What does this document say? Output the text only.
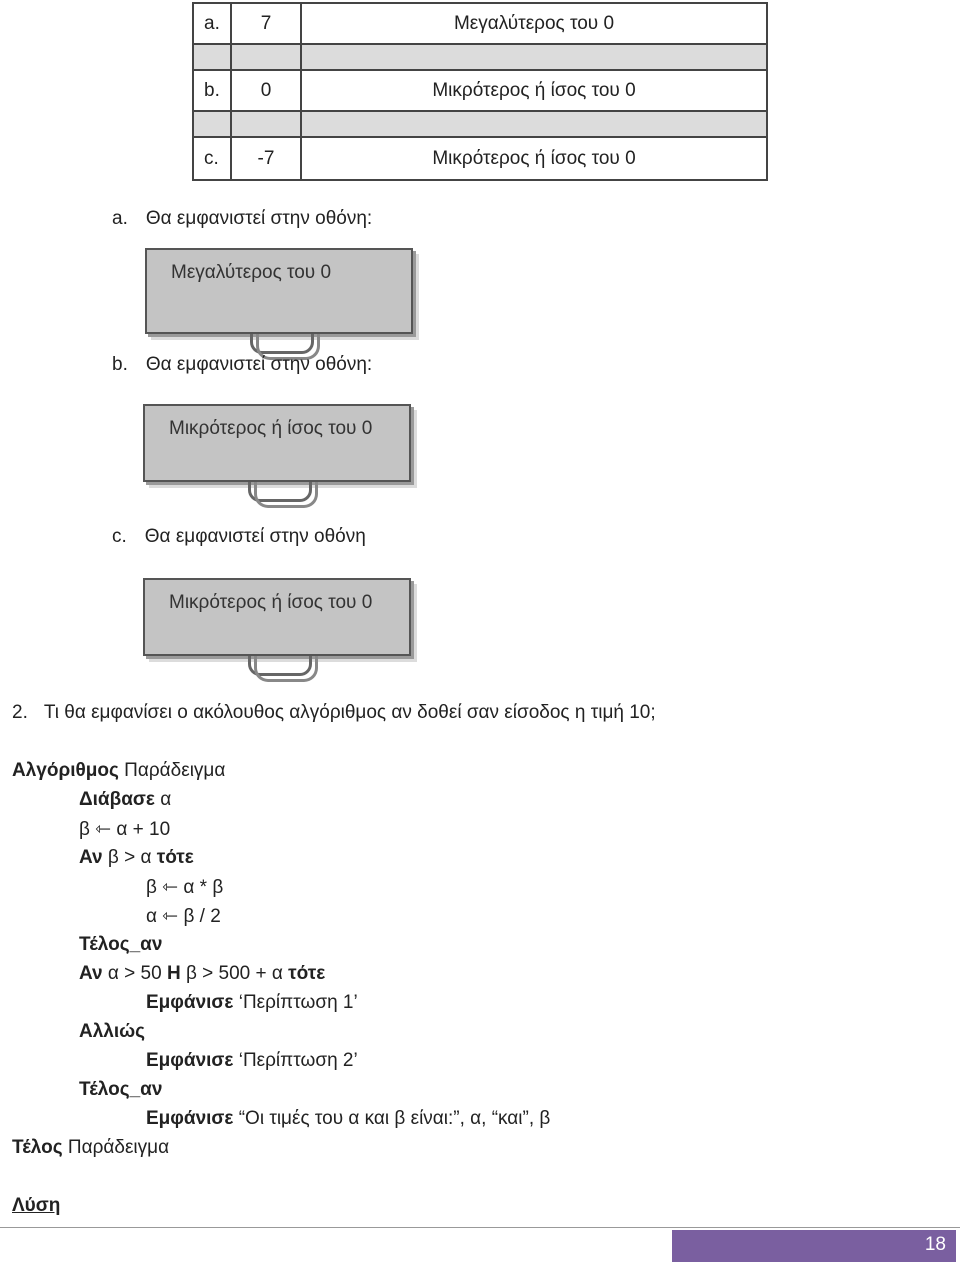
a.	7	Μεγαλύτερος του 0
b.	0	Μικρότερος ή ίσος του 0
c.	-7	Μικρότερος ή ίσος του 0
a. Θα εμφανιστεί στην οθόνη:
Μεγαλύτερος του 0
b. Θα εμφανιστεί στην οθόνη:
Μικρότερος ή ίσος του 0
c. Θα εμφανιστεί στην οθόνη
Μικρότερος ή ίσος του 0
2. Τι θα εμφανίσει ο ακόλουθος αλγόριθμος αν δοθεί σαν είσοδος η τιμή 10;
Αλγόριθμος Παράδειγμα
Διάβασε α
β ⇽ α + 10
Αν β > α τότε
β ⇽ α * β
α ⇽ β / 2
Τέλος_αν
Αν α > 50 Η β > 500 + α τότε
Εμφάνισε ‘Περίπτωση 1’
Αλλιώς
Εμφάνισε ‘Περίπτωση 2’
Τέλος_αν
Εμφάνισε “Οι τιμές του α και β είναι:”, α, “και”, β
Τέλος Παράδειγμα
Λύση
18
